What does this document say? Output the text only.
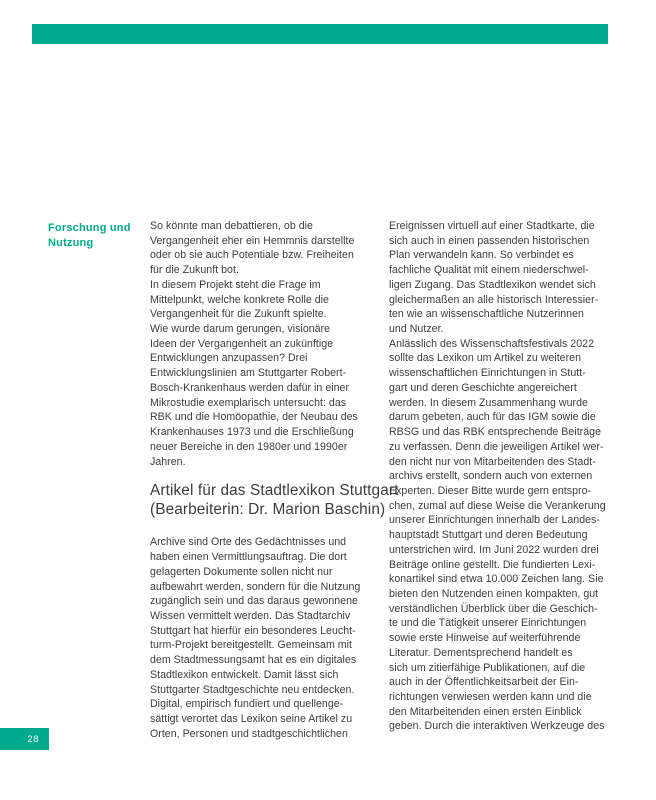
Forschung und
Nutzung
So könnte man debattieren, ob die
Vergangenheit eher ein Hemmnis darstellte
oder ob sie auch Potentiale bzw. Freiheiten
für die Zukunft bot.
In diesem Projekt steht die Frage im
Mittelpunkt, welche konkrete Rolle die
Vergangenheit für die Zukunft spielte.
Wie wurde darum gerungen, visionäre
Ideen der Vergangenheit an zukünftige
Entwicklungen anzupassen? Drei
Entwicklungslinien am Stuttgarter Robert-
Bosch-Krankenhaus werden dafür in einer
Mikrostudie exemplarisch untersucht: das
RBK und die Homöopathie, der Neubau des
Krankenhauses 1973 und die Erschließung
neuer Bereiche in den 1980er und 1990er
Jahren.
Artikel für das Stadtlexikon Stuttgart
(Bearbeiterin: Dr. Marion Baschin)
Archive sind Orte des Gedächtnisses und
haben einen Vermittlungsauftrag. Die dort
gelagerten Dokumente sollen nicht nur
aufbewahrt werden, sondern für die Nutzung
zugänglich sein und das daraus gewonnene
Wissen vermittelt werden. Das Stadtarchiv
Stuttgart hat hierfür ein besonderes Leucht-
turm-Projekt bereitgestellt. Gemeinsam mit
dem Stadtmessungsamt hat es ein digitales
Stadtlexikon entwickelt. Damit lässt sich
Stuttgarter Stadtgeschichte neu entdecken.
Digital, empirisch fundiert und quellenge-
sättigt verortet das Lexikon seine Artikel zu
Orten, Personen und stadtgeschichtlichen
Ereignissen virtuell auf einer Stadtkarte, die
sich auch in einen passenden historischen
Plan verwandeln kann. So verbindet es
fachliche Qualität mit einem niederschwel-
ligen Zugang. Das Stadtlexikon wendet sich
gleichermaßen an alle historisch Interessier-
ten wie an wissenschaftliche Nutzerinnen
und Nutzer.
Anlässlich des Wissenschaftsfestivals 2022
sollte das Lexikon um Artikel zu weiteren
wissenschaftlichen Einrichtungen in Stutt-
gart und deren Geschichte angereichert
werden. In diesem Zusammenhang wurde
darum gebeten, auch für das IGM sowie die
RBSG und das RBK entsprechende Beiträge
zu verfassen. Denn die jeweiligen Artikel wer-
den nicht nur von Mitarbeitenden des Stadt-
archivs erstellt, sondern auch von externen
Experten. Dieser Bitte wurde gern entspro-
chen, zumal auf diese Weise die Verankerung
unserer Einrichtungen innerhalb der Landes-
hauptstadt Stuttgart und deren Bedeutung
unterstrichen wird. Im Juni 2022 wurden drei
Beiträge online gestellt. Die fundierten Lexi-
konartikel sind etwa 10.000 Zeichen lang. Sie
bieten den Nutzenden einen kompakten, gut
verständlichen Überblick über die Geschich-
te und die Tätigkeit unserer Einrichtungen
sowie erste Hinweise auf weiterführende
Literatur. Dementsprechend handelt es
sich um zitierfähige Publikationen, auf die
auch in der Öffentlichkeitsarbeit der Ein-
richtungen verwiesen werden kann und die
den Mitarbeitenden einen ersten Einblick
geben. Durch die interaktiven Werkzeuge des
28
